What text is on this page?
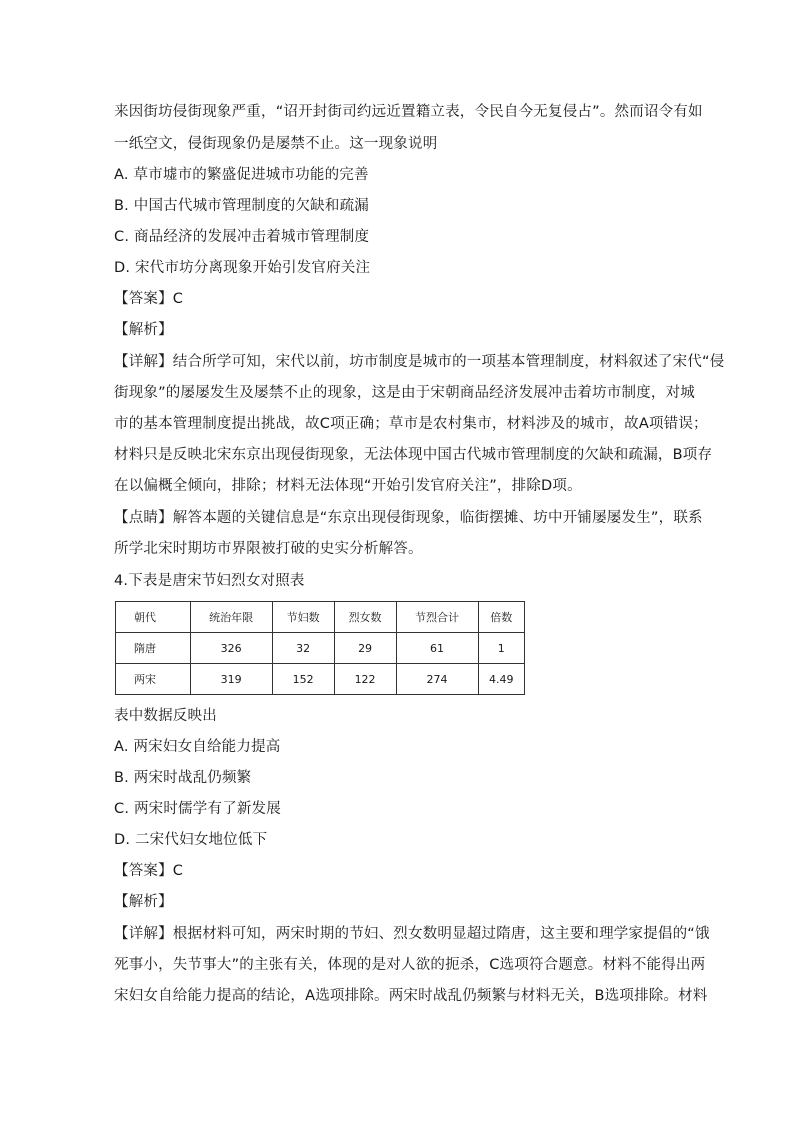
来因街坊侵街现象严重，“诏开封街司约远近置籍立表，令民自今无复侵占”。然而诏令有如
一纸空文，侵街现象仍是屡禁不止。这一现象说明
A. 草市墟市的繁盛促进城市功能的完善
B. 中国古代城市管理制度的欠缺和疏漏
C. 商品经济的发展冲击着城市管理制度
D. 宋代市坊分离现象开始引发官府关注
【答案】C
【解析】
【详解】结合所学可知，宋代以前，坊市制度是城市的一项基本管理制度，材料叙述了宋代“侵
街现象”的屡屡发生及屡禁不止的现象，这是由于宋朝商品经济发展冲击着坊市制度，对城
市的基本管理制度提出挑战，故C项正确；草市是农村集市，材料涉及的城市，故A项错误；
材料只是反映北宋东京出现侵街现象，无法体现中国古代城市管理制度的欠缺和疏漏，B项存
在以偏概全倾向，排除；材料无法体现“开始引发官府关注”，排除D项。
【点睛】解答本题的关键信息是“东京出现侵街现象，临街摆摊、坊中开铺屡屡发生”，联系
所学北宋时期坊市界限被打破的史实分析解答。
4.下表是唐宋节妇烈女对照表
朝代	统治年限	节妇数	烈女数	节烈合计	倍数
隋唐	326	32	29	61	1
两宋	319	152	122	274	4.49
表中数据反映出
A. 两宋妇女自给能力提高
B. 两宋时战乱仍频繁
C. 两宋时儒学有了新发展
D. 二宋代妇女地位低下
【答案】C
【解析】
【详解】根据材料可知，两宋时期的节妇、烈女数明显超过隋唐，这主要和理学家提倡的“饿
死事小，失节事大”的主张有关，体现的是对人欲的扼杀，C选项符合题意。材料不能得出两
宋妇女自给能力提高的结论，A选项排除。两宋时战乱仍频繁与材料无关，B选项排除。材料
